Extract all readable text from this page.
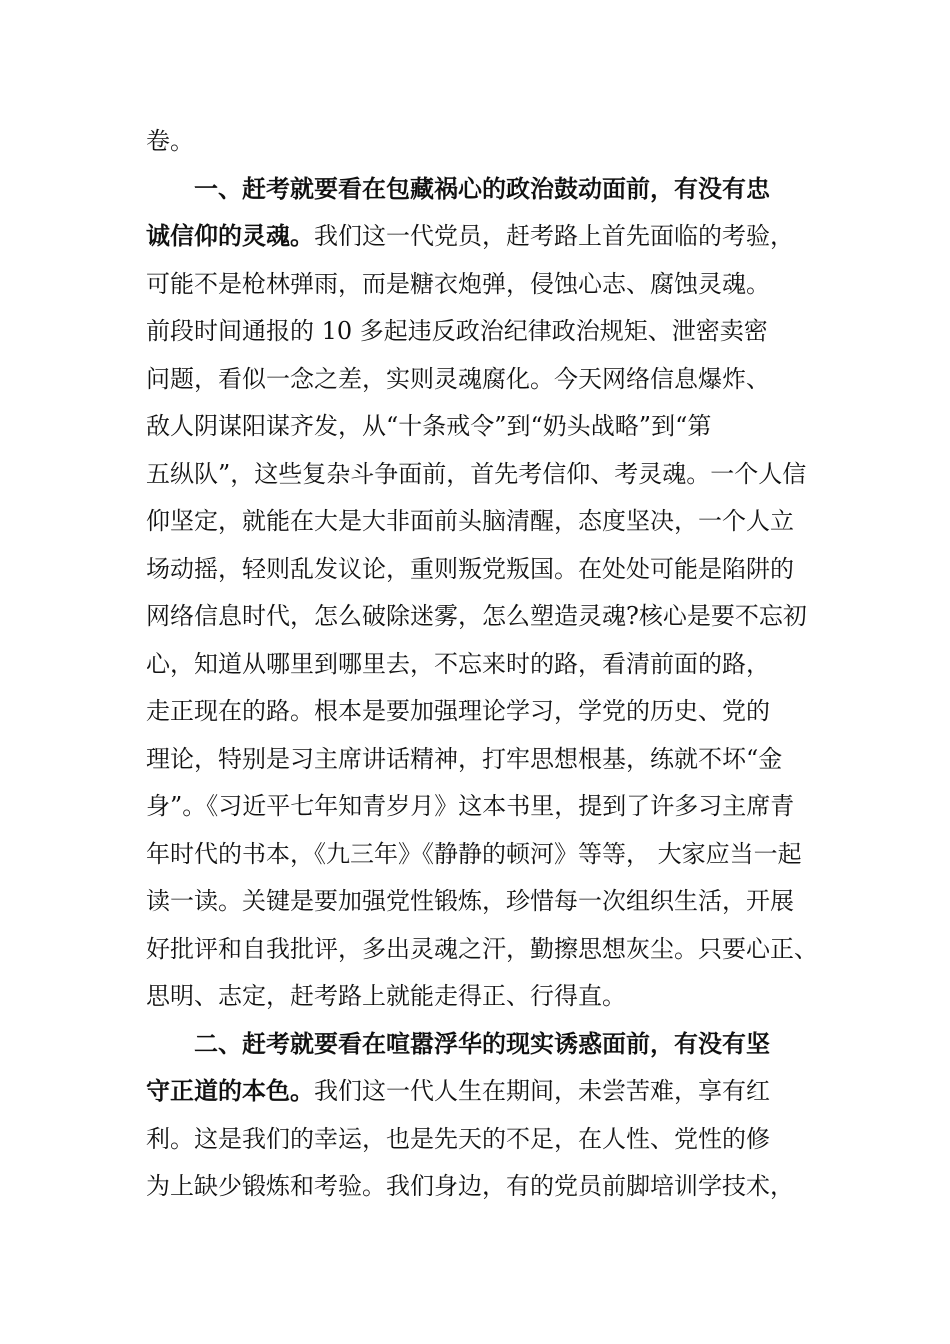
卷。
一、赶考就要看在包藏祸心的政治鼓动面前，有没有忠
诚信仰的灵魂。我们这一代党员，赶考路上首先面临的考验，
可能不是枪林弹雨，而是糖衣炮弹，侵蚀心志、腐蚀灵魂。
前段时间通报的 10 多起违反政治纪律政治规矩、泄密卖密
问题，看似一念之差，实则灵魂腐化。今天网络信息爆炸、
敌人阴谋阳谋齐发，从“十条戒令”到“奶头战略”到“第
五纵队”，这些复杂斗争面前，首先考信仰、考灵魂。一个人信
仰坚定，就能在大是大非面前头脑清醒，态度坚决，一个人立
场动摇，轻则乱发议论，重则叛党叛国。在处处可能是陷阱的
网络信息时代，怎么破除迷雾，怎么塑造灵魂?核心是要不忘初
心，知道从哪里到哪里去，不忘来时的路，看清前面的路，
走正现在的路。根本是要加强理论学习，学党的历史、党的
理论，特别是习主席讲话精神，打牢思想根基，练就不坏“金
身”。《习近平七年知青岁月》这本书里，提到了许多习主席青
年时代的书本，《九三年》《静静的顿河》等等， 大家应当一起
读一读。关键是要加强党性锻炼，珍惜每一次组织生活，开展
好批评和自我批评，多出灵魂之汗，勤擦思想灰尘。只要心正、
思明、志定，赶考路上就能走得正、行得直。
二、赶考就要看在喧嚣浮华的现实诱惑面前，有没有坚
守正道的本色。我们这一代人生在期间，未尝苦难，享有红
利。这是我们的幸运，也是先天的不足，在人性、党性的修
为上缺少锻炼和考验。我们身边，有的党员前脚培训学技术，
